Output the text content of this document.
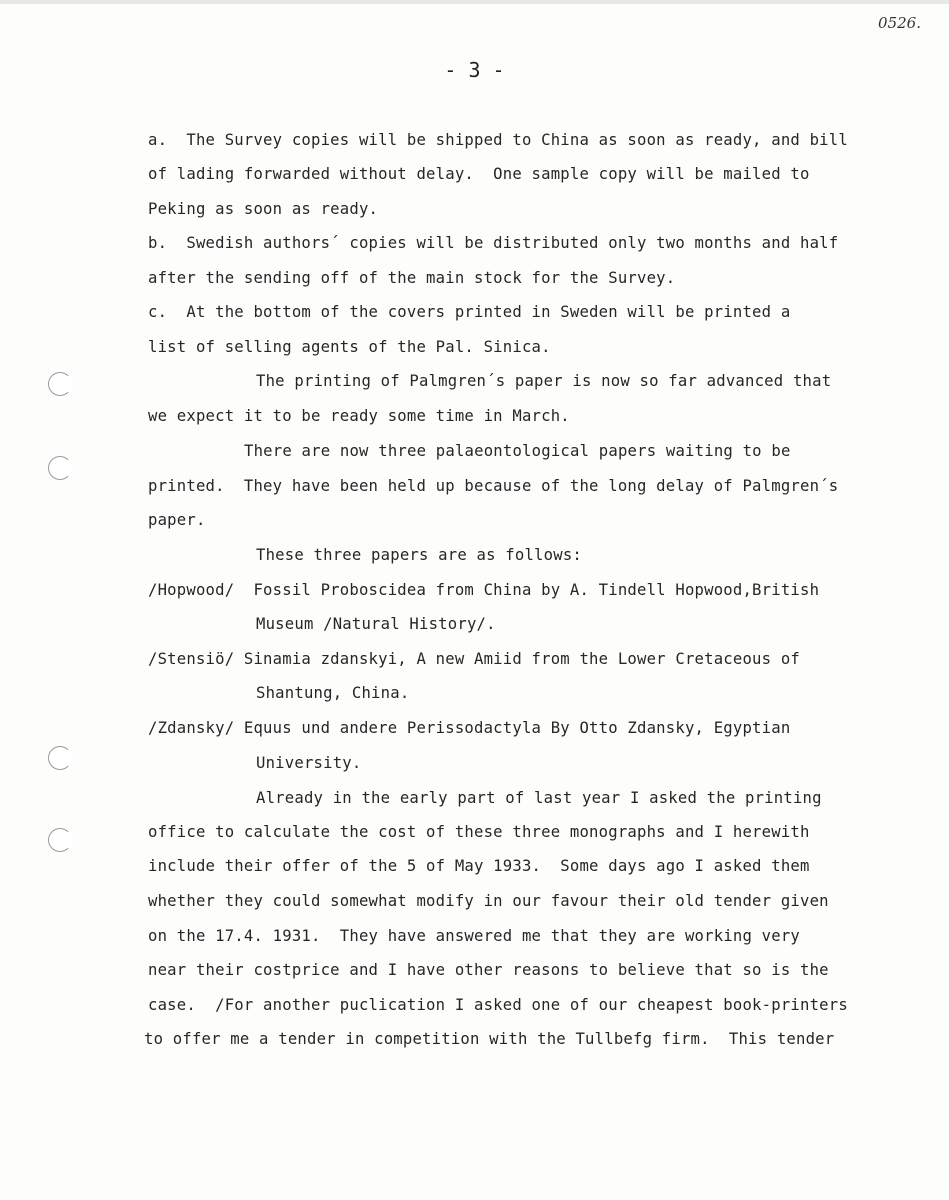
0526.
- 3 -
a.  The Survey copies will be shipped to China as soon as ready, and bill
of lading forwarded without delay.  One sample copy will be mailed to
Peking as soon as ready.
b.  Swedish authors´ copies will be distributed only two months and half
after the sending off of the main stock for the Survey.
c.  At the bottom of the covers printed in Sweden will be printed a
list of selling agents of the Pal. Sinica.
The printing of Palmgren´s paper is now so far advanced that
we expect it to be ready some time in March.
There are now three palaeontological papers waiting to be
printed.  They have been held up because of the long delay of Palmgren´s
paper.
These three papers are as follows:
/Hopwood/  Fossil Proboscidea from China by A. Tindell Hopwood,British
Museum /Natural History/.
/Stensiö/ Sinamia zdanskyi, A new Amiid from the Lower Cretaceous of
Shantung, China.
/Zdansky/ Equus und andere Perissodactyla By Otto Zdansky, Egyptian
University.
Already in the early part of last year I asked the printing
office to calculate the cost of these three monographs and I herewith
include their offer of the 5 of May 1933.  Some days ago I asked them
whether they could somewhat modify in our favour their old tender given
on the 17.4. 1931.  They have answered me that they are working very
near their costprice and I have other reasons to believe that so is the
case.  /For another puclication I asked one of our cheapest book-printers
to offer me a tender in competition with the Tullbefg firm.  This tender
